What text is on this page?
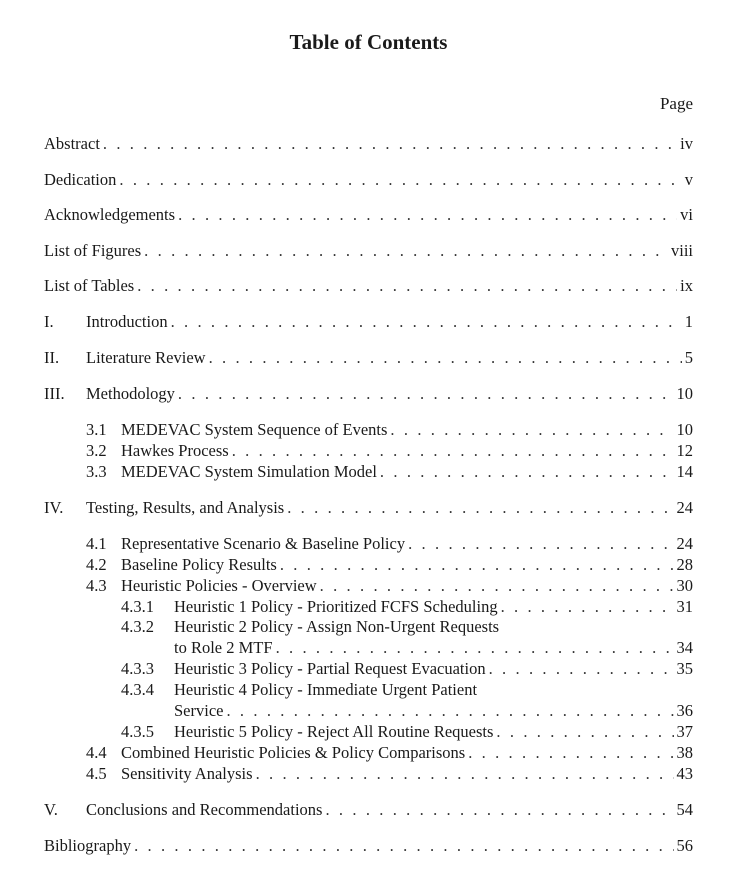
Table of Contents
Page
Abstract . . .	iv
Dedication . . .	v
Acknowledgements . . .	vi
List of Figures . . .	viii
List of Tables . . .	ix
I.	Introduction . . .	1
II.	Literature Review . . .	5
III.	Methodology . . .	10
3.1 MEDEVAC System Sequence of Events . . .	10
3.2 Hawkes Process . . .	12
3.3 MEDEVAC System Simulation Model . . .	14
IV.	Testing, Results, and Analysis . . .	24
4.1 Representative Scenario & Baseline Policy . . .	24
4.2 Baseline Policy Results . . .	28
4.3 Heuristic Policies - Overview . . .	30
4.3.1	Heuristic 1 Policy - Prioritized FCFS Scheduling . . .	31
4.3.2 Heuristic 2 Policy - Assign Non-Urgent Requests
to Role 2 MTF . . .	34
4.3.3	Heuristic 3 Policy - Partial Request Evacuation . . .	35
4.3.4 Heuristic 4 Policy - Immediate Urgent Patient
Service . . .	36
4.3.5	Heuristic 5 Policy - Reject All Routine Requests . . .	37
4.4 Combined Heuristic Policies & Policy Comparisons . . .	38
4.5 Sensitivity Analysis . . .	43
V.	Conclusions and Recommendations . . .	54
Bibliography . . .	56
